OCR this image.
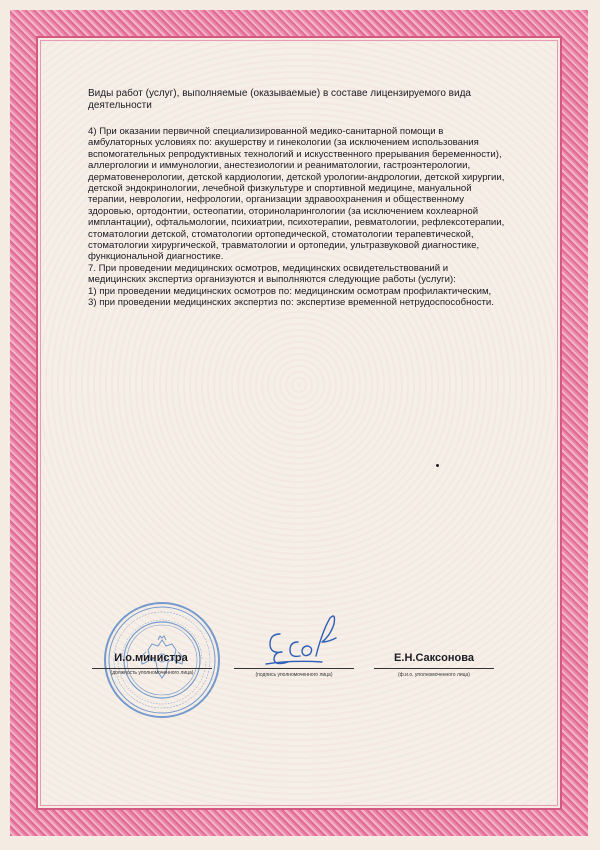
Виды работ (услуг), выполняемые (оказываемые) в составе лицензируемого вида деятельности

4) При оказании первичной специализированной медико-санитарной помощи в амбулаторных условиях по: акушерству и гинекологии (за исключением использования вспомогательных репродуктивных технологий и искусственного прерывания беременности), аллергологии и иммунологии, анестезиологии и реаниматологии, гастроэнтерологии, дерматовенерологии, детской кардиологии, детской урологии-андрологии, детской хирургии, детской эндокринологии, лечебной физкультуре и спортивной медицине, мануальной терапии, неврологии, нефрологии, организации здравоохранения и общественному здоровью, ортодонтии, остеопатии, оториноларингологии (за исключением кохлеарной имплантации), офтальмологии, психиатрии, психотерапии, ревматологии, рефлексотерапии, стоматологии детской, стоматологии ортопедической, стоматологии терапевтической, стоматологии хирургической, травматологии и ортопедии, ультразвуковой диагностике, функциональной диагностике.

7. При проведении медицинских осмотров, медицинских освидетельствований и медицинских экспертиз организуются и выполняются следующие работы (услуги):

1) при проведении медицинских осмотров по: медицинским осмотрам профилактическим,

3) при проведении медицинских экспертиз по: экспертизе временной нетрудоспособности.

И.о.министра
(должность уполномоченного лица)	(подпись уполномоченного лица)
Е.Н.Саксонова
(ф.и.о. уполномоченного лица)
